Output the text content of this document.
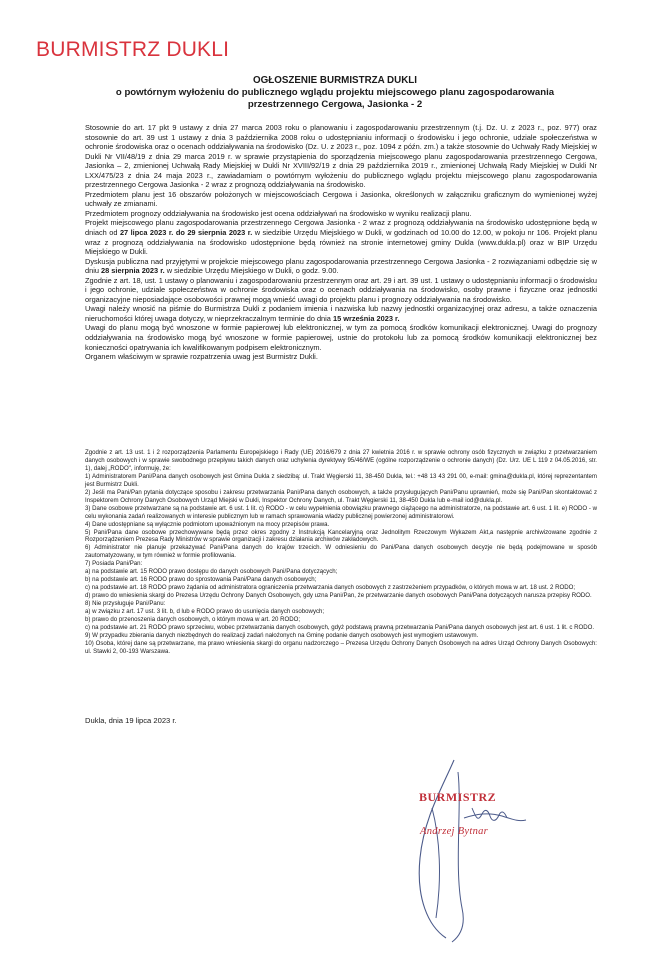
BURMISTRZ DUKLI
OGŁOSZENIE BURMISTRZA DUKLI
o powtórnym wyłożeniu do publicznego wglądu projektu miejscowego planu zagospodarowania
przestrzennego Cergowa, Jasionka - 2

Stosownie do art. 17 pkt 9 ustawy z dnia 27 marca 2003 roku o planowaniu i zagospodarowaniu przestrzennym (t.j. Dz. U. z 2023 r., poz. 977) oraz stosownie do art. 39 ust 1 ustawy z dnia 3 października 2008 roku o udostępnianiu informacji o środowisku i jego ochronie, udziale społeczeństwa w ochronie środowiska oraz o ocenach oddziaływania na środowisko (Dz. U. z 2023 r., poz. 1094 z późn. zm.) a także stosownie do Uchwały Rady Miejskiej w Dukli Nr VII/48/19 z dnia 29 marca 2019 r. w sprawie przystąpienia do sporządzenia miejscowego planu zagospodarowania przestrzennego Cergowa, Jasionka – 2, zmienionej Uchwałą Rady Miejskiej w Dukli Nr XVIII/92/19 z dnia 29 października 2019 r., zmienionej Uchwałą Rady Miejskiej w Dukli Nr LXX/475/23 z dnia 24 maja 2023 r., zawiadamiam o powtórnym wyłożeniu do publicznego wglądu projektu miejscowego planu zagospodarowania przestrzennego Cergowa Jasionka - 2 wraz z prognozą oddziaływania na środowisko.

Przedmiotem planu jest 16 obszarów położonych w miejscowościach Cergowa i Jasionka, określonych w załączniku graficznym do wymienionej wyżej uchwały ze zmianami.

Przedmiotem prognozy oddziaływania na środowisko jest ocena oddziaływań na środowisko w wyniku realizacji planu.

Projekt miejscowego planu zagospodarowania przestrzennego Cergowa Jasionka - 2 wraz z prognozą oddziaływania na środowisko udostępnione będą w dniach od 27 lipca 2023 r. do 29 sierpnia 2023 r. w siedzibie Urzędu Miejskiego w Dukli, w godzinach od 10.00 do 12.00, w pokoju nr 106. Projekt planu wraz z prognozą oddziaływania na środowisko udostępnione będą również na stronie internetowej gminy Dukla (www.dukla.pl) oraz w BIP Urzędu Miejskiego w Dukli.

Dyskusja publiczna nad przyjętymi w projekcie miejscowego planu zagospodarowania przestrzennego Cergowa Jasionka - 2 rozwiązaniami odbędzie się w dniu 28 sierpnia 2023 r. w siedzibie Urzędu Miejskiego w Dukli, o godz. 9.00.

Zgodnie z art. 18, ust. 1 ustawy o planowaniu i zagospodarowaniu przestrzennym oraz art. 29 i art. 39 ust. 1 ustawy o udostępnianiu informacji o środowisku i jego ochronie, udziale społeczeństwa w ochronie środowiska oraz o ocenach oddziaływania na środowisko, osoby prawne i fizyczne oraz jednostki organizacyjne nieposiadające osobowości prawnej mogą wnieść uwagi do projektu planu i prognozy oddziaływania na środowisko.

Uwagi należy wnosić na piśmie do Burmistrza Dukli z podaniem imienia i nazwiska lub nazwy jednostki organizacyjnej oraz adresu, a także oznaczenia nieruchomości której uwaga dotyczy, w nieprzekraczalnym terminie do dnia 15 września 2023 r.

Uwagi do planu mogą być wnoszone w formie papierowej lub elektronicznej, w tym za pomocą środków komunikacji elektronicznej. Uwagi do prognozy oddziaływania na środowisko mogą być wnoszone w formie papierowej, ustnie do protokołu lub za pomocą środków komunikacji elektronicznej bez konieczności opatrywania ich kwalifikowanym podpisem elektronicznym.

Organem właściwym w sprawie rozpatrzenia uwag jest Burmistrz Dukli.

Zgodnie z art. 13 ust. 1 i 2 rozporządzenia Parlamentu Europejskiego i Rady (UE) 2016/679 z dnia 27 kwietnia 2016 r. w sprawie ochrony osób fizycznych w związku z przetwarzaniem danych osobowych i w sprawie swobodnego przepływu takich danych oraz uchylenia dyrektywy 95/46/WE (ogólne rozporządzenie o ochronie danych) (Dz. Urz. UE L 119 z 04.05.2016, str. 1), dalej „RODO", informuję, że:

1) Administratorem Pani/Pana danych osobowych jest Gmina Dukla z siedzibą: ul. Trakt Węgierski 11, 38-450 Dukla, tel.: +48 13 43 291 00, e-mail: gmina@dukla.pl, której reprezentantem jest Burmistrz Dukli.

2) Jeśli ma Pani/Pan pytania dotyczące sposobu i zakresu przetwarzania Pani/Pana danych osobowych, a także przysługujących Pani/Panu uprawnień, może się Pani/Pan skontaktować z Inspektorem Ochrony Danych Osobowych Urząd Miejski w Dukli, Inspektor Ochrony Danych, ul. Trakt Węgierski 11, 38-450 Dukla lub e-mail iod@dukla.pl.

3) Dane osobowe przetwarzane są na podstawie art. 6 ust. 1 lit. c) RODO - w celu wypełnienia obowiązku prawnego ciążącego na administratorze, na podstawie art. 6 ust. 1 lit. e) RODO - w celu wykonania zadań realizowanych w interesie publicznym lub w ramach sprawowania władzy publicznej powierzonej administratorowi.

4) Dane udostępniane są wyłącznie podmiotom upoważnionym na mocy przepisów prawa.

5) Pani/Pana dane osobowe przechowywane będą przez okres zgodny z Instrukcją Kancelaryjną oraz Jednolitym Rzeczowym Wykazem Akt,a następnie archiwizowane zgodnie z Rozporządzeniem Prezesa Rady Ministrów w sprawie organizacji i zakresu działania archiwów zakładowych.

6) Administrator nie planuje przekazywać Pani/Pana danych do krajów trzecich. W odniesieniu do Pani/Pana danych osobowych decyzje nie będą podejmowane w sposób zautomatyzowany, w tym również w formie profilowania.

7) Posiada Pani/Pan:

a) na podstawie art. 15 RODO prawo dostępu do danych osobowych Pani/Pana dotyczących;

b) na podstawie art. 16 RODO prawo do sprostowania Pani/Pana danych osobowych;

c) na podstawie art. 18 RODO prawo żądania od administratora ograniczenia przetwarzania danych osobowych z zastrzeżeniem przypadków, o których mowa w art. 18 ust. 2 RODO;

d) prawo do wniesienia skargi do Prezesa Urzędu Ochrony Danych Osobowych, gdy uzna Pani/Pan, że przetwarzanie danych osobowych Pani/Pana dotyczących narusza przepisy RODO.

8) Nie przysługuje Pani/Panu:

a) w związku z art. 17 ust. 3 lit. b, d lub e RODO prawo do usunięcia danych osobowych;

b) prawo do przenoszenia danych osobowych, o którym mowa w art. 20 RODO;

c) na podstawie art. 21 RODO prawo sprzeciwu, wobec przetwarzania danych osobowych, gdyż podstawą prawną przetwarzania Pani/Pana danych osobowych jest art. 6 ust. 1 lit. c RODO.

9) W przypadku zbierania danych niezbędnych do realizacji zadań nałożonych na Gminę podanie danych osobowych jest wymogiem ustawowym.

10) Osoba, której dane są przetwarzane, ma prawo wniesienia skargi do organu nadzorczego – Prezesa Urzędu Ochrony Danych Osobowych na adres Urząd Ochrony Danych Osobowych: ul. Stawki 2, 00-193 Warszawa.

Dukla, dnia 19 lipca 2023 r.
BURMISTRZ
Andrzej Bytnar
